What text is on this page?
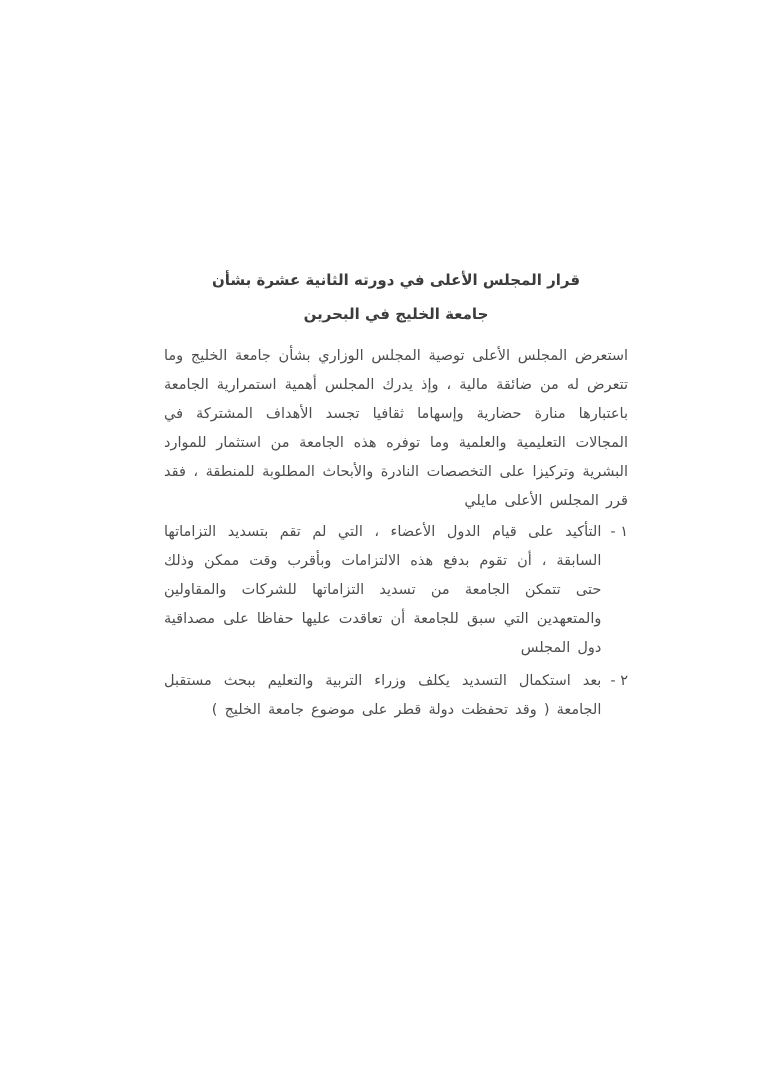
قرار المجلس الأعلى في دورته الثانية عشرة بشأن
جامعة الخليج في البحرين

استعرض المجلس الأعلى توصية المجلس الوزاري بشأن جامعة الخليج وما تتعرض له من ضائقة مالية ، وإذ يدرك المجلس أهمية استمرارية الجامعة باعتبارها منارة حضارية وإسهاما ثقافيا تجسد الأهداف المشتركة في المجالات التعليمية والعلمية وما توفره هذه الجامعة من استثمار للموارد البشرية وتركيزا على التخصصات النادرة والأبحاث المطلوبة للمنطقة ، فقد قرر المجلس الأعلى مايلي

١ -
التأكيد على قيام الدول الأعضاء ، التي لم تقم بتسديد التزاماتها السابقة ، أن تقوم بدفع هذه الالتزامات وبأقرب وقت ممكن وذلك حتى تتمكن الجامعة من تسديد التزاماتها للشركات والمقاولين والمتعهدين التي سبق للجامعة أن تعاقدت عليها حفاظا على مصداقية دول المجلس
٢ -
بعد استكمال التسديد يكلف وزراء التربية والتعليم ببحث مستقبل الجامعة ( وقد تحفظت دولة قطر على موضوع جامعة الخليج )
